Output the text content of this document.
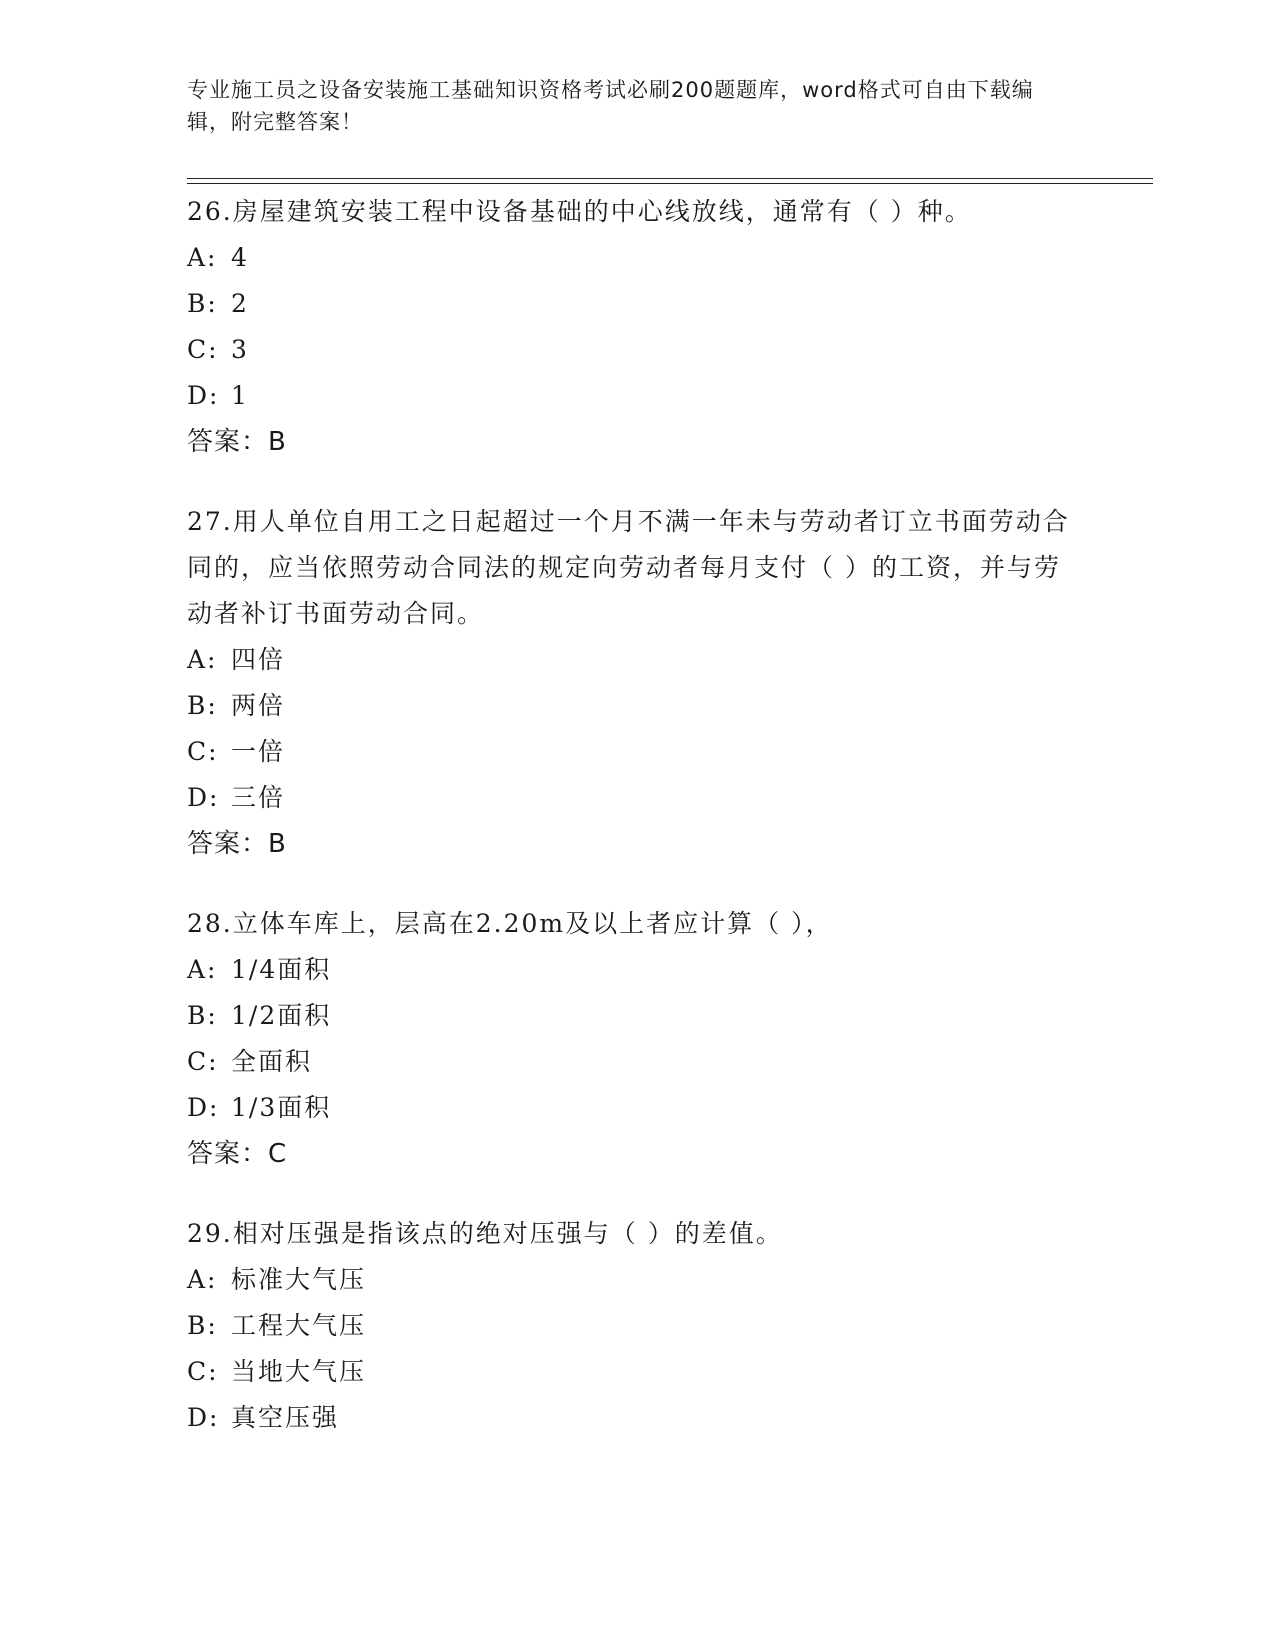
专业施工员之设备安装施工基础知识资格考试必刷200题题库，word格式可自由下载编辑，附完整答案！

26.房屋建筑安装工程中设备基础的中心线放线，通常有（ ）种。

A: 4

B: 2

C: 3

D: 1

答案：B

27.用人单位自用工之日起超过一个月不满一年未与劳动者订立书面劳动合同的，应当依照劳动合同法的规定向劳动者每月支付（ ）的工资，并与劳动者补订书面劳动合同。

A: 四倍

B: 两倍

C: 一倍

D: 三倍

答案：B

28.立体车库上，层高在2.20m及以上者应计算（ ），

A: 1/4面积

B: 1/2面积

C: 全面积

D: 1/3面积

答案：C

29.相对压强是指该点的绝对压强与（ ）的差值。

A: 标准大气压

B: 工程大气压

C: 当地大气压

D: 真空压强
